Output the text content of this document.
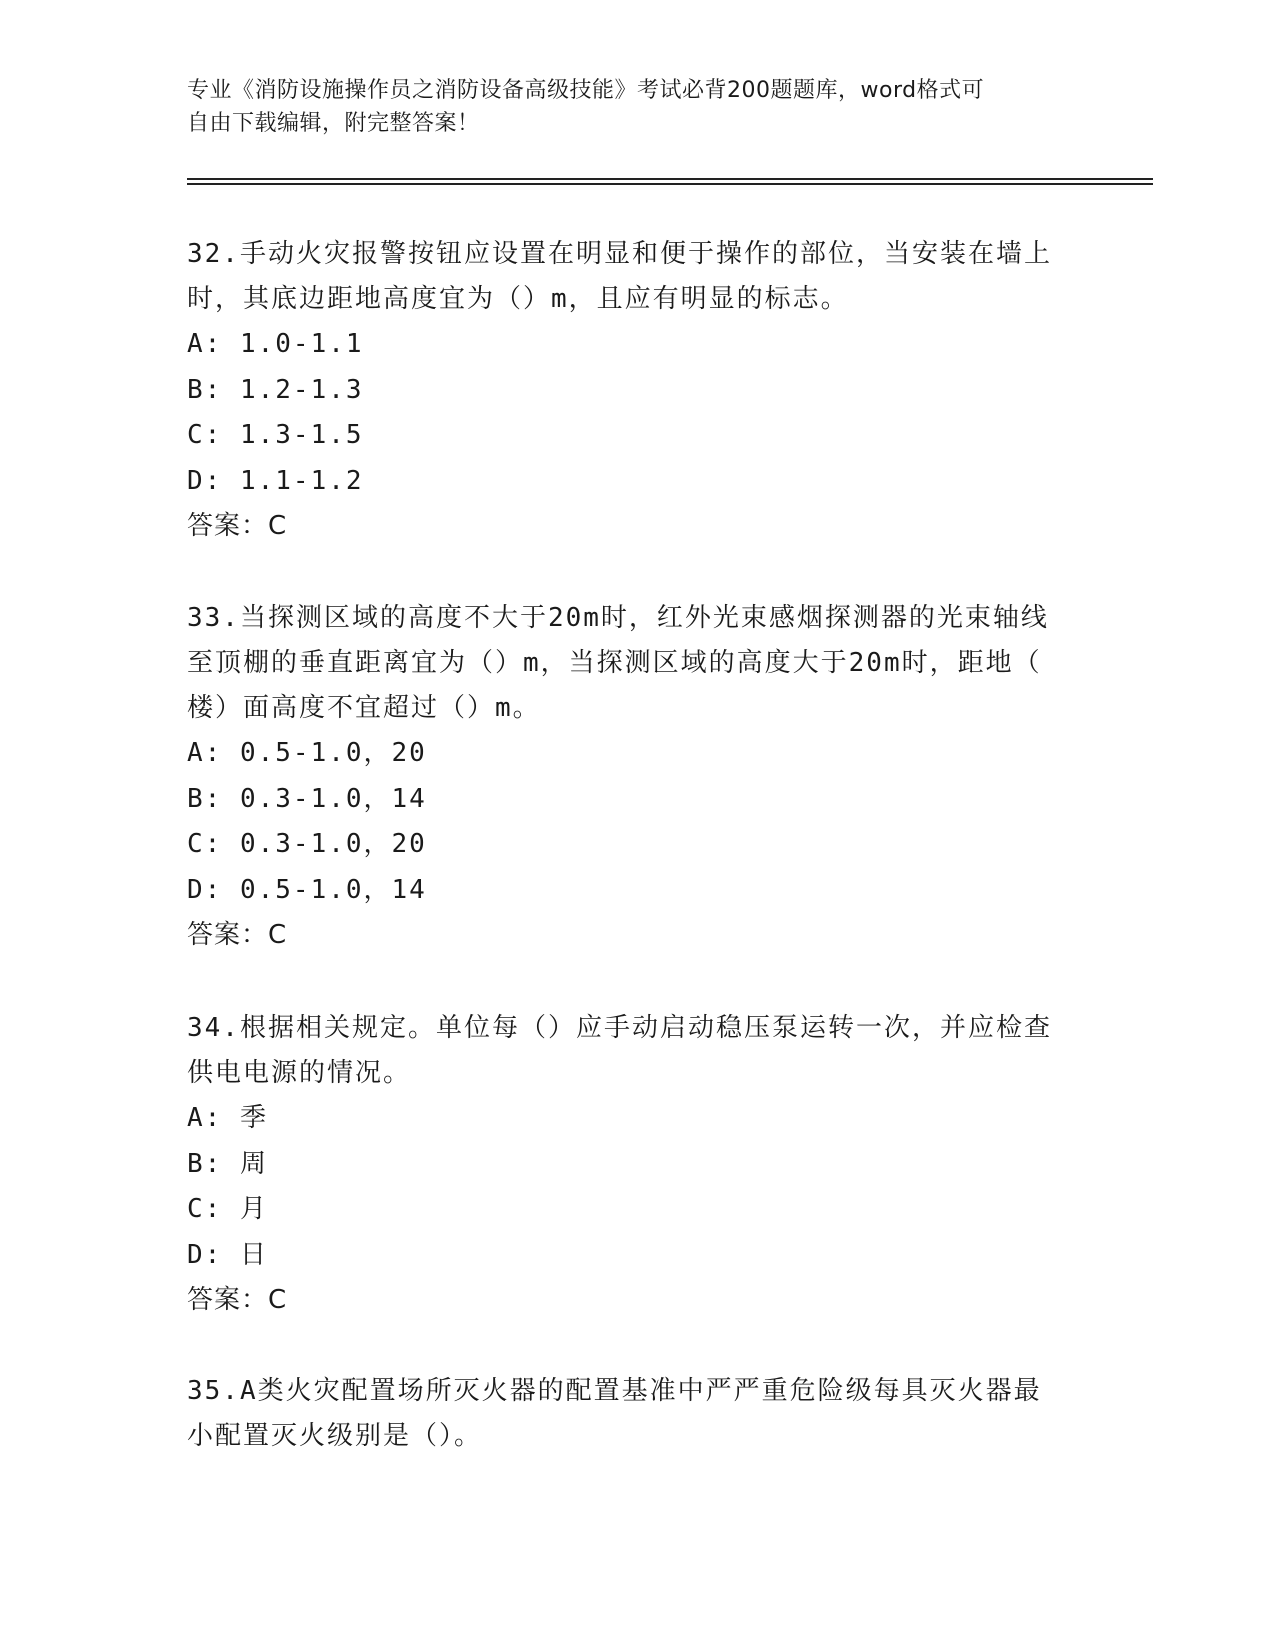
专业《消防设施操作员之消防设备高级技能》考试必背200题题库，word格式可
自由下载编辑，附完整答案！
32.手动火灾报警按钮应设置在明显和便于操作的部位，当安装在墙上
时，其底边距地高度宜为（）m，且应有明显的标志。
A: 1.0-1.1
B: 1.2-1.3
C: 1.3-1.5
D: 1.1-1.2
答案：C
33.当探测区域的高度不大于20m时，红外光束感烟探测器的光束轴线
至顶棚的垂直距离宜为（）m，当探测区域的高度大于20m时，距地（
楼）面高度不宜超过（）m。
A: 0.5-1.0，20
B: 0.3-1.0，14
C: 0.3-1.0，20
D: 0.5-1.0，14
答案：C
34.根据相关规定。单位每（）应手动启动稳压泵运转一次，并应检查
供电电源的情况。
A: 季
B: 周
C: 月
D: 日
答案：C
35.A类火灾配置场所灭火器的配置基准中严严重危险级每具灭火器最
小配置灭火级别是（）。
